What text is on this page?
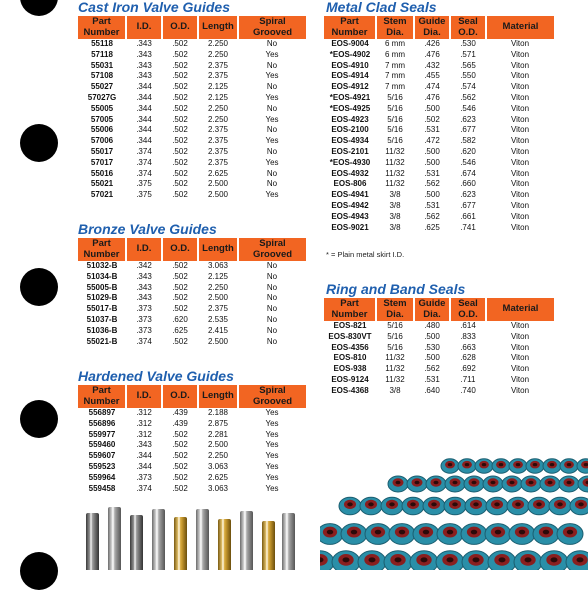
Cast Iron Valve Guides
Part Number	I.D.	O.D.	Length	Spiral Grooved
55118	.343	.502	2.250	No
57118	.343	.502	2.250	Yes
55031	.343	.502	2.375	No
57108	.343	.502	2.375	Yes
55027	.344	.502	2.125	No
57027G	.344	.502	2.125	Yes
55005	.344	.502	2.250	No
57005	.344	.502	2.250	Yes
55006	.344	.502	2.375	No
57006	.344	.502	2.375	Yes
55017	.374	.502	2.375	No
57017	.374	.502	2.375	Yes
55016	.374	.502	2.625	No
55021	.375	.502	2.500	No
57021	.375	.502	2.500	Yes
Bronze Valve Guides
Part Number	I.D.	O.D.	Length	Spiral Grooved
51032-B	.342	.502	3.063	No
51034-B	.343	.502	2.125	No
55005-B	.343	.502	2.250	No
51029-B	.343	.502	2.500	No
55017-B	.373	.502	2.375	No
51037-B	.373	.620	2.535	No
51036-B	.373	.625	2.415	No
55021-B	.374	.502	2.500	No
Hardened Valve Guides
Part Number	I.D.	O.D.	Length	Spiral Grooved
556897	.312	.439	2.188	Yes
556896	.312	.439	2.875	Yes
559977	.312	.502	2.281	Yes
559460	.343	.502	2.500	Yes
559607	.344	.502	2.250	Yes
559523	.344	.502	3.063	Yes
559964	.373	.502	2.625	Yes
559458	.374	.502	3.063	Yes
Metal Clad Seals
Part Number	Stem Dia.	Guide Dia.	Seal O.D.	Material
EOS-9004	6 mm	.426	.530	Viton
*EOS-4902	6 mm	.476	.571	Viton
EOS-4910	7 mm	.432	.565	Viton
EOS-4914	7 mm	.455	.550	Viton
EOS-4912	7 mm	.474	.574	Viton
*EOS-4921	5/16	.476	.562	Viton
*EOS-4925	5/16	.500	.546	Viton
EOS-4923	5/16	.502	.623	Viton
EOS-2100	5/16	.531	.677	Viton
EOS-4934	5/16	.472	.582	Viton
EOS-2101	11/32	.500	.620	Viton
*EOS-4930	11/32	.500	.546	Viton
EOS-4932	11/32	.531	.674	Viton
EOS-806	11/32	.562	.660	Viton
EOS-4941	3/8	.500	.623	Viton
EOS-4942	3/8	.531	.677	Viton
EOS-4943	3/8	.562	.661	Viton
EOS-9021	3/8	.625	.741	Viton

* = Plain metal skirt I.D.

Ring and Band Seals
Part Number	Stem Dia.	Guide Dia.	Seal O.D.	Material
EOS-821	5/16	.480	.614	Viton
EOS-830VT	5/16	.500	.833	Viton
EOS-4356	5/16	.530	.663	Viton
EOS-810	11/32	.500	.628	Viton
EOS-938	11/32	.562	.692	Viton
EOS-9124	11/32	.531	.711	Viton
EOS-4368	3/8	.640	.740	Viton
